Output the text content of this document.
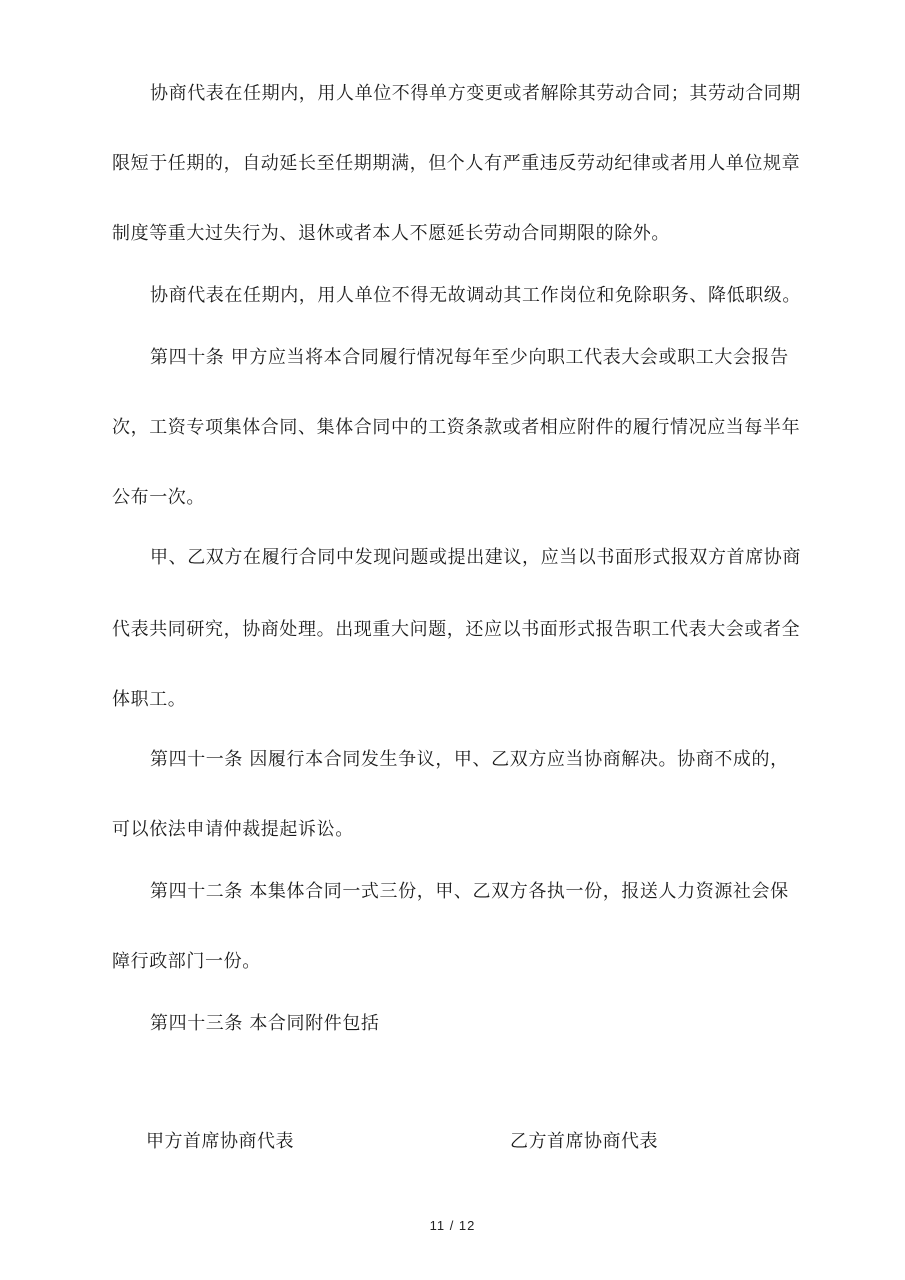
协商代表在任期内，用人单位不得单方变更或者解除其劳动合同；其劳动合同期
限短于任期的，自动延长至任期期满，但个人有严重违反劳动纪律或者用人单位规章
制度等重大过失行为、退休或者本人不愿延长劳动合同期限的除外。
协商代表在任期内，用人单位不得无故调动其工作岗位和免除职务、降低职级。
第四十条 甲方应当将本合同履行情况每年至少向职工代表大会或职工大会报告
次，工资专项集体合同、集体合同中的工资条款或者相应附件的履行情况应当每半年
公布一次。
甲、乙双方在履行合同中发现问题或提出建议，应当以书面形式报双方首席协商
代表共同研究，协商处理。出现重大问题，还应以书面形式报告职工代表大会或者全
体职工。
第四十一条 因履行本合同发生争议，甲、乙双方应当协商解决。协商不成的，
可以依法申请仲裁提起诉讼。
第四十二条 本集体合同一式三份，甲、乙双方各执一份，报送人力资源社会保
障行政部门一份。
第四十三条 本合同附件包括
甲方首席协商代表	乙方首席协商代表
11 / 12
